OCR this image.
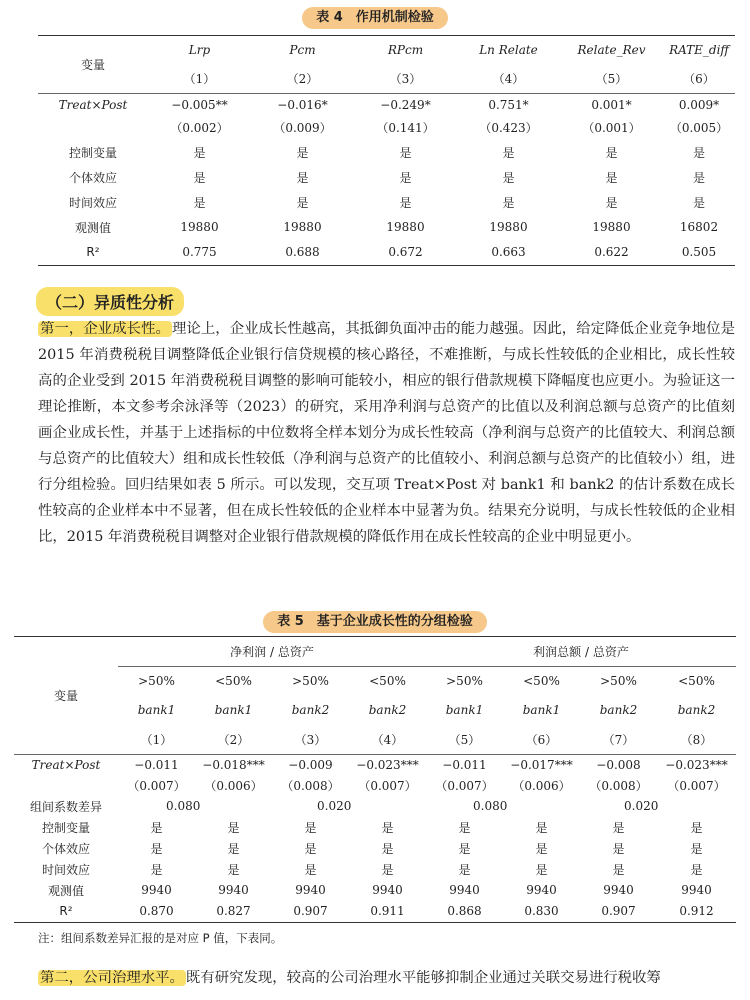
表 4　作用机制检验
变量	Lrp	Pcm	RPcm	Ln Relate	Relate_Rev	RATE_diff
	（1）	（2）	（3）	（4）	（5）	（6）
Treat×Post	−0.005**	−0.016*	−0.249*	0.751*	0.001*	0.009*
	（0.002）	（0.009）	（0.141）	（0.423）	（0.001）	（0.005）
控制变量	是	是	是	是	是	是
个体效应	是	是	是	是	是	是
时间效应	是	是	是	是	是	是
观测值	19880	19880	19880	19880	19880	16802
R²	0.775	0.688	0.672	0.663	0.622	0.505
（二）异质性分析
第一，企业成长性。 理论上，企业成长性越高，其抵御负面冲击的能力越强。因此，给定降低企业竞争地位是 2015 年消费税税目调整降低企业银行信贷规模的核心路径，不难推断，与成长性较低的企业相比，成长性较高的企业受到 2015 年消费税税目调整的影响可能较小，相应的银行借款规模下降幅度也应更小。为验证这一理论推断，本文参考余泳泽等（2023）的研究，采用净利润与总资产的比值以及利润总额与总资产的比值刻画企业成长性，并基于上述指标的中位数将全样本划分为成长性较高（净利润与总资产的比值较大、利润总额与总资产的比值较大）组和成长性较低（净利润与总资产的比值较小、利润总额与总资产的比值较小）组，进行分组检验。回归结果如表 5 所示。可以发现，交互项 Treat×Post 对 bank1 和 bank2 的估计系数在成长性较高的企业样本中不显著，但在成长性较低的企业样本中显著为负。结果充分说明，与成长性较低的企业相比，2015 年消费税税目调整对企业银行借款规模的降低作用在成长性较高的企业中明显更小。
表 5　基于企业成长性的分组检验
变量	净利润 / 总资产				利润总额 / 总资产			
	>50%	<50%	>50%	<50%	>50%	<50%	>50%	<50%
	bank1	bank1	bank2	bank2	bank1	bank1	bank2	bank2
	（1）	（2）	（3）	（4）	（5）	（6）	（7）	（8）
Treat×Post	−0.011	−0.018***	−0.009	−0.023***	−0.011	−0.017***	−0.008	−0.023***
	（0.007）	（0.006）	（0.008）	（0.007）	（0.007）	（0.006）	（0.008）	（0.007）
组间系数差异	0.080		0.020		0.080		0.020	
控制变量	是	是	是	是	是	是	是	是
个体效应	是	是	是	是	是	是	是	是
时间效应	是	是	是	是	是	是	是	是
观测值	9940	9940	9940	9940	9940	9940	9940	9940
R²	0.870	0.827	0.907	0.911	0.868	0.830	0.907	0.912
注：组间系数差异汇报的是对应 P 值，下表同。
第二，公司治理水平。 既有研究发现，较高的公司治理水平能够抑制企业通过关联交易进行税收筹
